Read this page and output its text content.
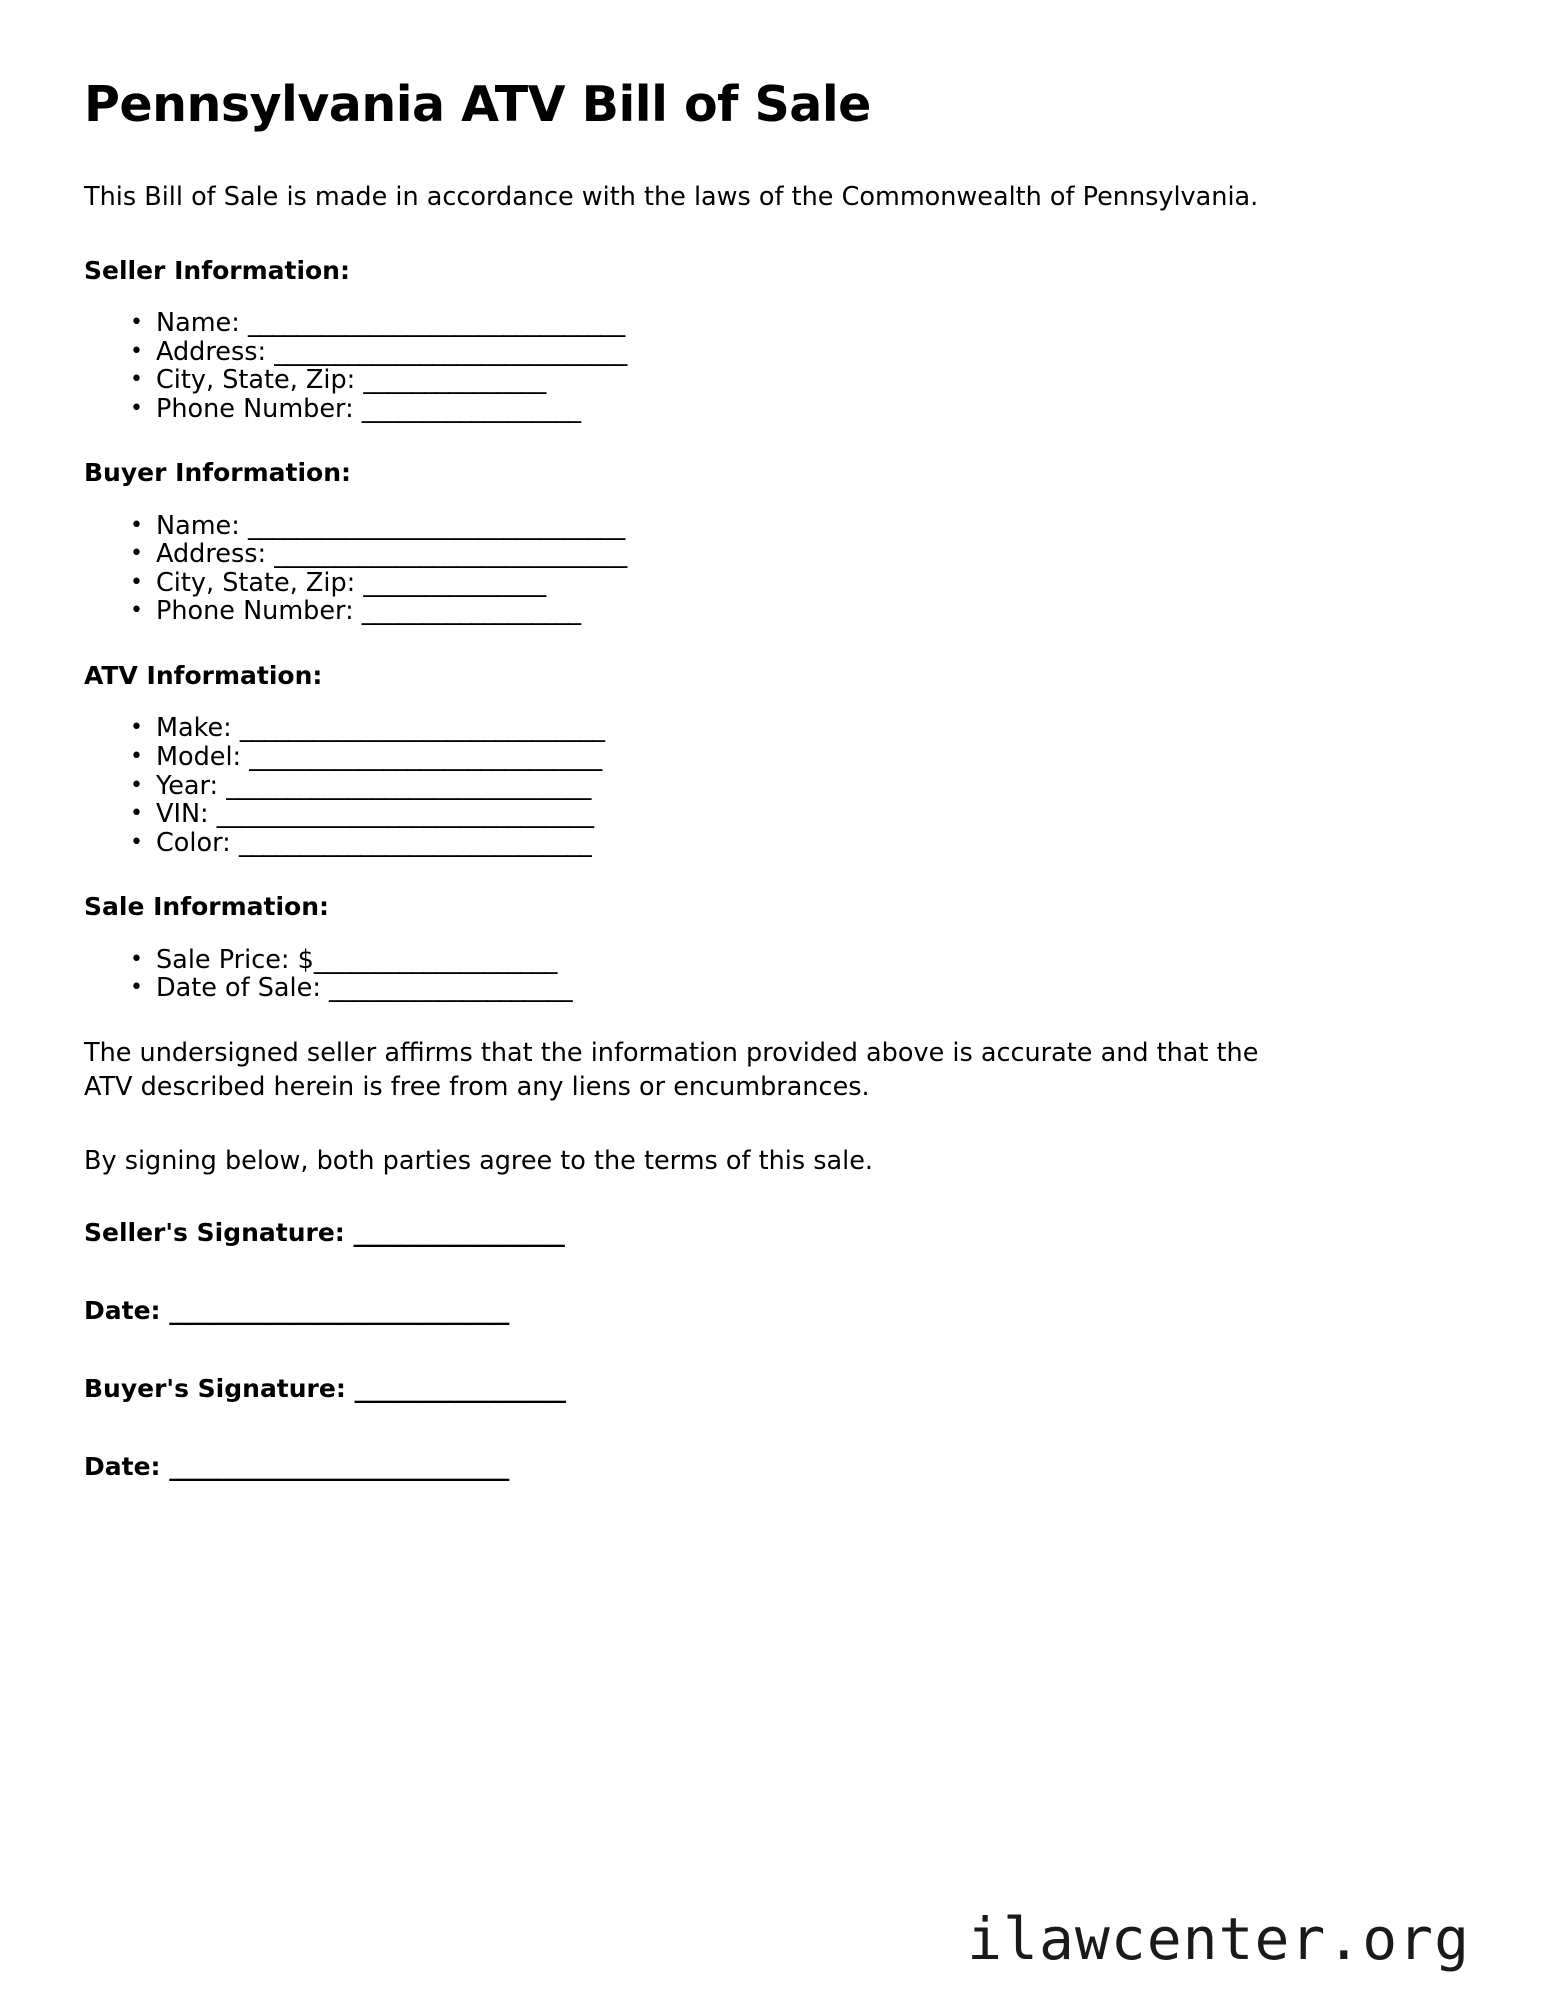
Pennsylvania ATV Bill of Sale

This Bill of Sale is made in accordance with the laws of the Commonwealth of Pennsylvania.

Seller Information:
• Name: _______________________________
• Address: _____________________________
• City, State, Zip: _______________
• Phone Number: __________________
Buyer Information:
• Name: _______________________________
• Address: _____________________________
• City, State, Zip: _______________
• Phone Number: __________________
ATV Information:
• Make: ______________________________
• Model: _____________________________
• Year: ______________________________
• VIN: _______________________________
• Color: _____________________________
Sale Information:
• Sale Price: $____________________
• Date of Sale: ____________________

The undersigned seller affirms that the information provided above is accurate and that the ATV described herein is free from any liens or encumbrances.

By signing below, both parties agree to the terms of this sale.

Seller's Signature: __________________
Date: _____________________________
Buyer's Signature: __________________
Date: _____________________________
ilawcenter.org
